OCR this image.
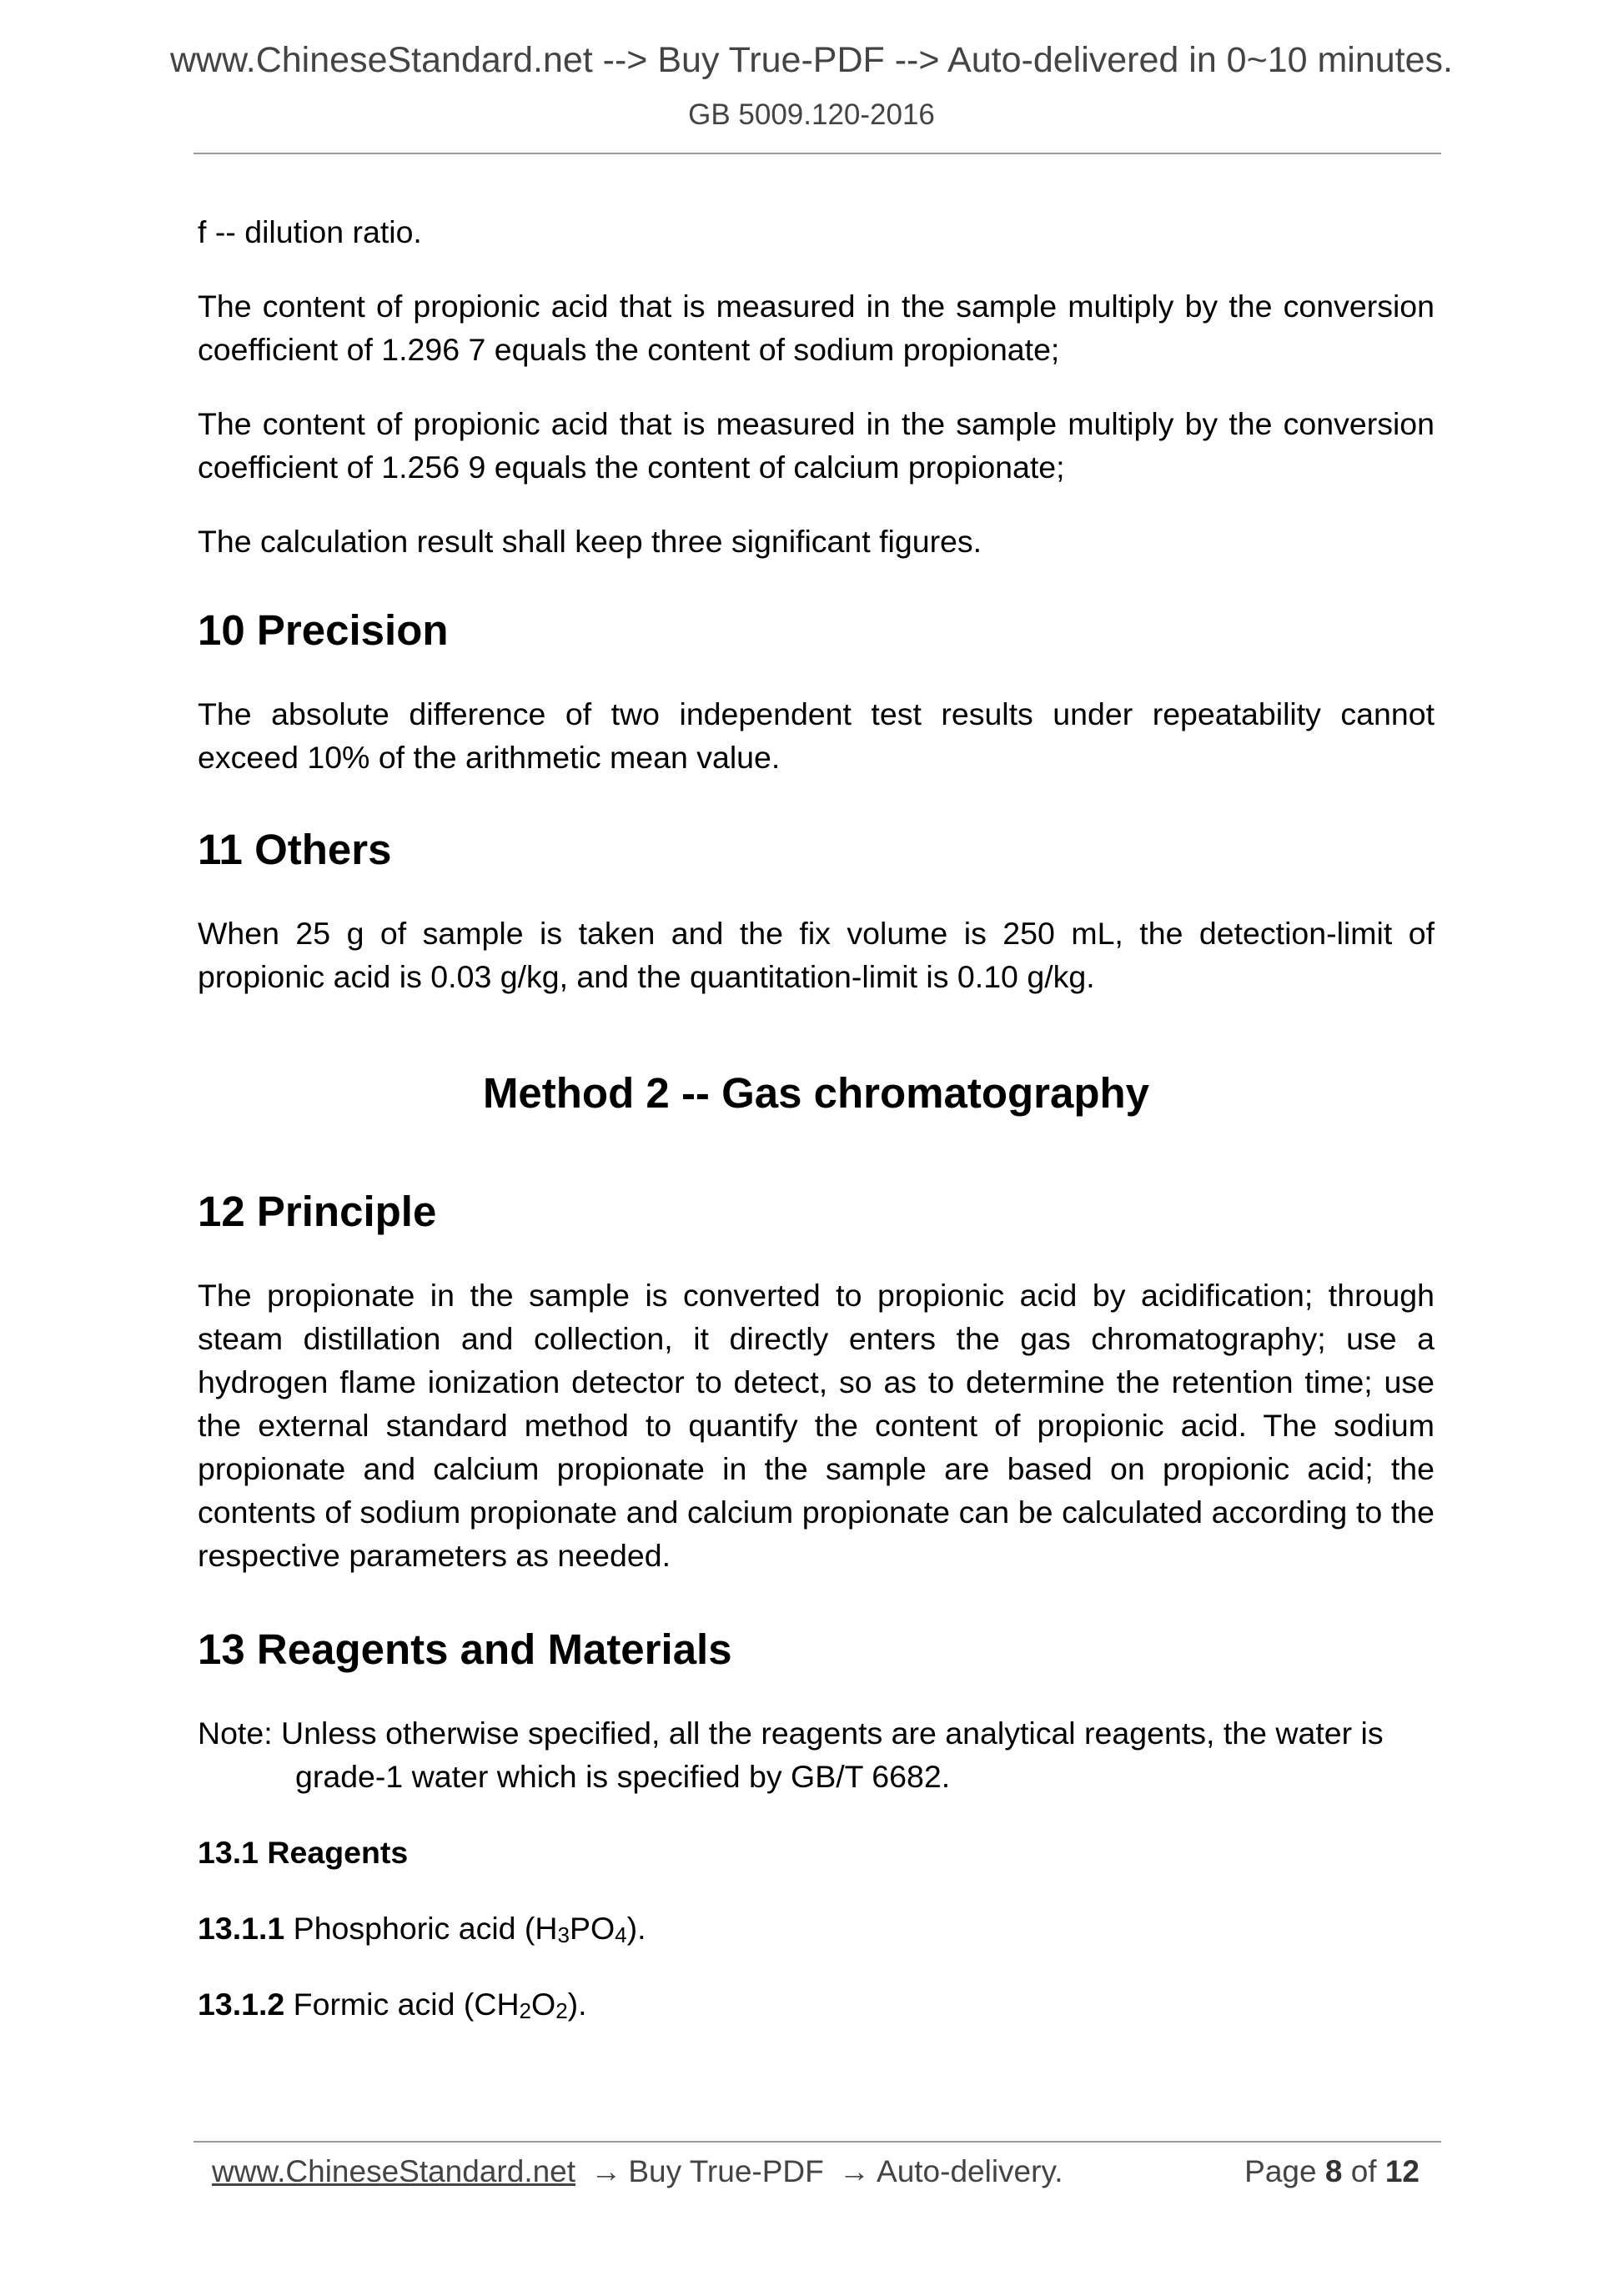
www.ChineseStandard.net --> Buy True-PDF --> Auto-delivered in 0~10 minutes.
GB 5009.120-2016

f -- dilution ratio.

The content of propionic acid that is measured in the sample multiply by the conversion coefficient of 1.296 7 equals the content of sodium propionate;

The content of propionic acid that is measured in the sample multiply by the conversion coefficient of 1.256 9 equals the content of calcium propionate;

The calculation result shall keep three significant figures.

10 Precision

The absolute difference of two independent test results under repeatability cannot exceed 10% of the arithmetic mean value.

11 Others

When 25 g of sample is taken and the fix volume is 250 mL, the detection-limit of propionic acid is 0.03 g/kg, and the quantitation-limit is 0.10 g/kg.

Method 2 -- Gas chromatography
12 Principle

The propionate in the sample is converted to propionic acid by acidification; through steam distillation and collection, it directly enters the gas chromatography; use a hydrogen flame ionization detector to detect, so as to determine the retention time; use the external standard method to quantify the content of propionic acid. The sodium propionate and calcium propionate in the sample are based on propionic acid; the contents of sodium propionate and calcium propionate can be calculated according to the respective parameters as needed.

13 Reagents and Materials

Note: Unless otherwise specified, all the reagents are analytical reagents, the water is grade-1 water which is specified by GB/T 6682.

13.1 Reagents

13.1.1 Phosphoric acid $(H_3PO_4)$.

13.1.2 Formic acid $(CH_2O_2)$.

www.ChineseStandard.net → Buy True-PDF → Auto-delivery.	Page 8 of 12
